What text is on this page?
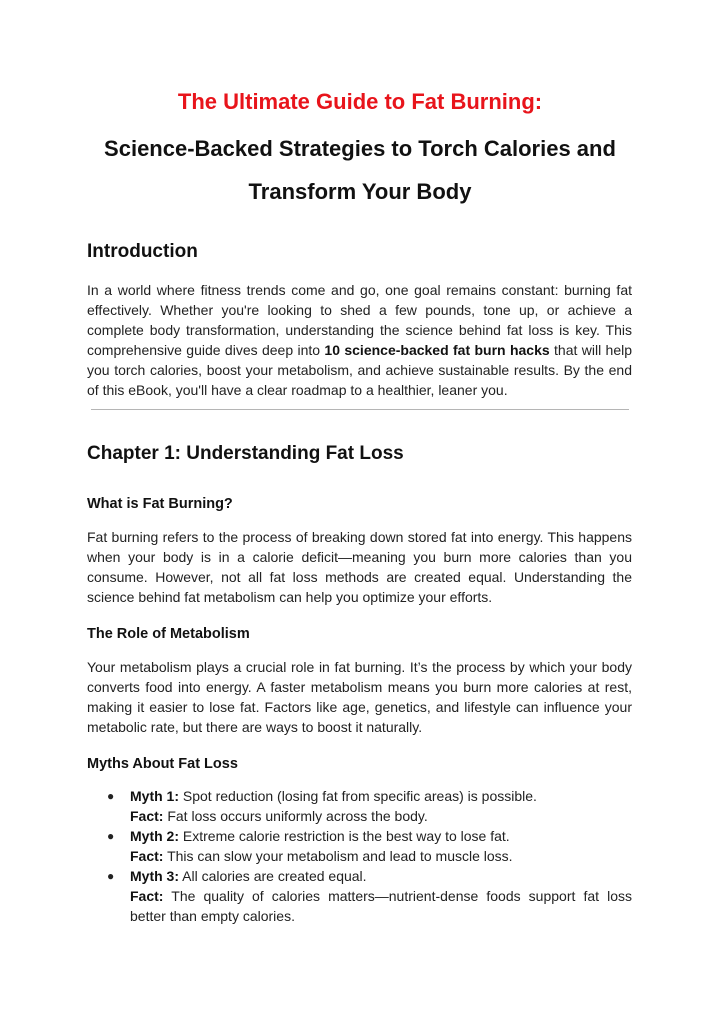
The Ultimate Guide to Fat Burning:
Science-Backed Strategies to Torch Calories and Transform Your Body
Introduction

In a world where fitness trends come and go, one goal remains constant: burning fat effectively. Whether you're looking to shed a few pounds, tone up, or achieve a complete body transformation, understanding the science behind fat loss is key. This comprehensive guide dives deep into 10 science-backed fat burn hacks that will help you torch calories, boost your metabolism, and achieve sustainable results. By the end of this eBook, you'll have a clear roadmap to a healthier, leaner you.

Chapter 1: Understanding Fat Loss
What is Fat Burning?

Fat burning refers to the process of breaking down stored fat into energy. This happens when your body is in a calorie deficit—meaning you burn more calories than you consume. However, not all fat loss methods are created equal. Understanding the science behind fat metabolism can help you optimize your efforts.

The Role of Metabolism

Your metabolism plays a crucial role in fat burning. It’s the process by which your body converts food into energy. A faster metabolism means you burn more calories at rest, making it easier to lose fat. Factors like age, genetics, and lifestyle can influence your metabolic rate, but there are ways to boost it naturally.

Myths About Fat Loss
● Myth 1: Spot reduction (losing fat from specific areas) is possible.
Fact: Fat loss occurs uniformly across the body.
● Myth 2: Extreme calorie restriction is the best way to lose fat.
Fact: This can slow your metabolism and lead to muscle loss.
● Myth 3: All calories are created equal.
Fact: The quality of calories matters—nutrient-dense foods support fat loss better than empty calories.
